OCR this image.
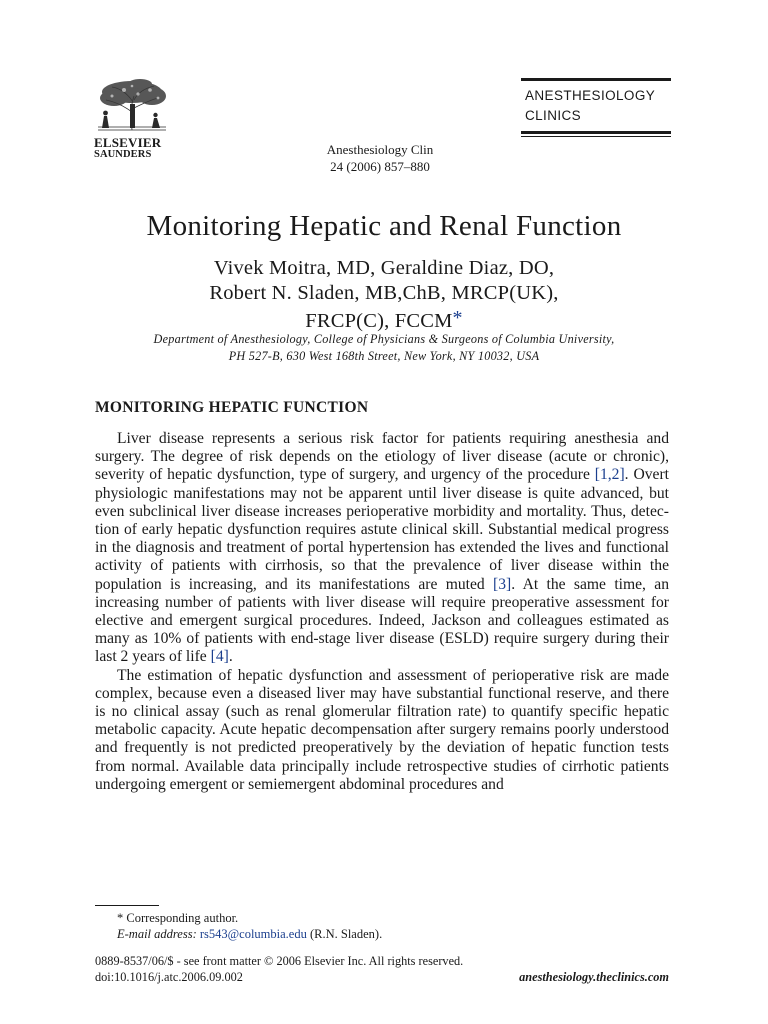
ELSEVIER
SAUNDERS	Anesthesiology Clin
24 (2006) 857–880
ANESTHESIOLOGY
CLINICS
Monitoring Hepatic and Renal Function
Vivek Moitra, MD, Geraldine Diaz, DO,
Robert N. Sladen, MB,ChB, MRCP(UK),
FRCP(C), FCCM*
Department of Anesthesiology, College of Physicians & Surgeons of Columbia University,
PH 527-B, 630 West 168th Street, New York, NY 10032, USA
MONITORING HEPATIC FUNCTION

Liver disease represents a serious risk factor for patients requiring anesthesia and surgery. The degree of risk depends on the etiology of liver disease (acute or chronic), severity of hepatic dysfunction, type of surgery, and urgency of the procedure [1,2]. Overt physiologic manifestations may not be apparent until liver disease is quite advanced, but even subclinical liver disease increases perioperative morbidity and mortality. Thus, detection of early hepatic dysfunction requires astute clinical skill. Substantial medical progress in the diagnosis and treatment of portal hypertension has extended the lives and functional activity of patients with cirrhosis, so that the prevalence of liver disease within the population is increasing, and its manifestations are muted [3]. At the same time, an increasing number of patients with liver disease will require preoperative assessment for elective and emergent surgical procedures. Indeed, Jackson and colleagues estimated as many as 10% of patients with end-stage liver disease (ESLD) require surgery during their last 2 years of life [4].

The estimation of hepatic dysfunction and assessment of perioperative risk are made complex, because even a diseased liver may have substantial functional reserve, and there is no clinical assay (such as renal glomerular filtration rate) to quantify specific hepatic metabolic capacity. Acute hepatic decompensation after surgery remains poorly understood and frequently is not predicted preoperatively by the deviation of hepatic function tests from normal. Available data principally include retrospective studies of cirrhotic patients undergoing emergent or semiemergent abdominal procedures and

* Corresponding author.
E-mail address: rs543@columbia.edu (R.N. Sladen).
0889-8537/06/$ - see front matter © 2006 Elsevier Inc. All rights reserved.
doi:10.1016/j.atc.2006.09.002	anesthesiology.theclinics.com
